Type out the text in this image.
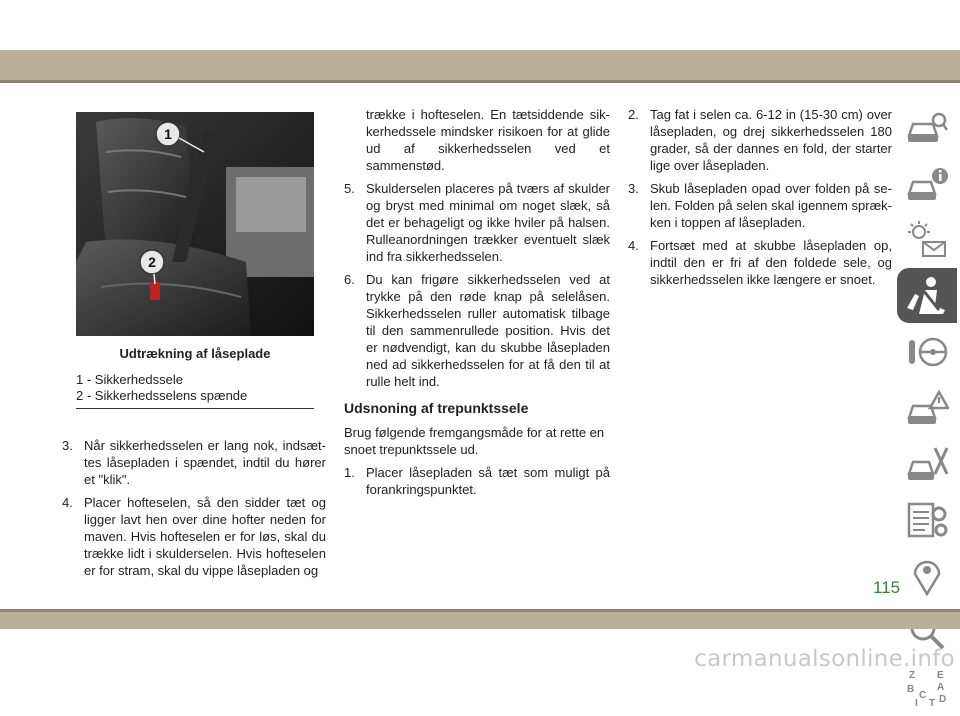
1
2
Udtrækning af låseplade
1 - Sikkerhedssele
2 - Sikkerhedsselens spænde
3. Når sikkerhedsselen er lang nok, indsæt-tes låsepladen i spændet, indtil du hører et "klik".
4. Placer hofteselen, så den sidder tæt og ligger lavt hen over dine hofter neden for maven. Hvis hofteselen er for løs, skal du trække lidt i skulderselen. Hvis hofteselen er for stram, skal du vippe låsepladen og
trække i hofteselen. En tætsiddende sik-kerhedssele mindsker risikoen for at glide ud af sikkerhedsselen ved et sammenstød.
5. Skulderselen placeres på tværs af skulder og bryst med minimal om noget slæk, så det er behageligt og ikke hviler på halsen. Rulleanordningen trækker eventuelt slæk ind fra sikkerhedsselen.
6. Du kan frigøre sikkerhedsselen ved at trykke på den røde knap på selelåsen. Sikkerhedsselen ruller automatisk tilbage til den sammenrullede position. Hvis det er nødvendigt, kan du skubbe låsepladen ned ad sikkerhedsselen for at få den til at rulle helt ind.
Udsnoning af trepunktssele
Brug følgende fremgangsmåde for at rette en snoet trepunktssele ud.
1. Placer låsepladen så tæt som muligt på forankringspunktet.
2. Tag fat i selen ca. 6-12 in (15-30 cm) over låsepladen, og drej sikkerhedsselen 180 grader, så der dannes en fold, der starter lige over låsepladen.
3. Skub låsepladen opad over folden på se-len. Folden på selen skal igennem spræk-ken i toppen af låsepladen.
4. Fortsæt med at skubbe låsepladen op, indtil den er fri af den foldede sele, og sikkerhedsselen ikke længere er snoet.
Z E
B A
D
C
T
I
115
carmanualsonline.info
